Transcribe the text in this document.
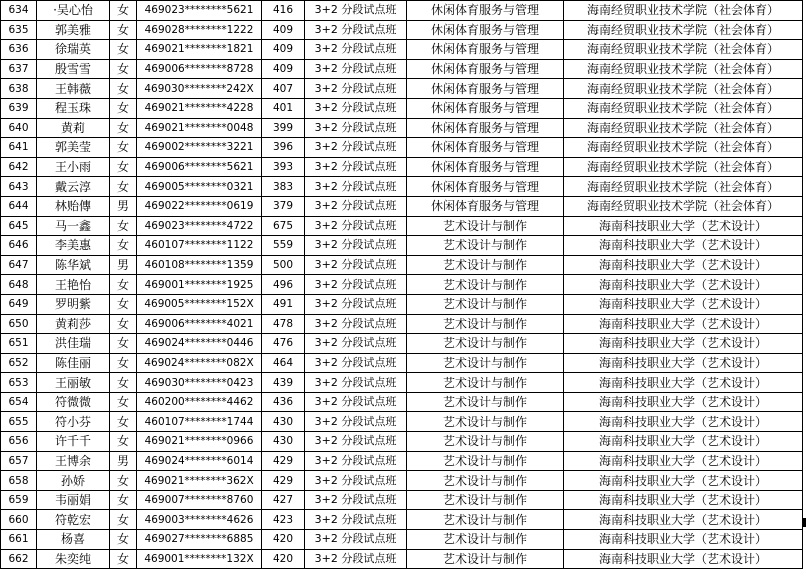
634	·吴心怡	女	469023********5621	416	3+2 分段试点班	休闲体育服务与管理	海南经贸职业技术学院（社会体育）
635	郭美雅	女	469028********1222	409	3+2 分段试点班	休闲体育服务与管理	海南经贸职业技术学院（社会体育）
636	徐瑞英	女	469021********1821	409	3+2 分段试点班	休闲体育服务与管理	海南经贸职业技术学院（社会体育）
637	殷雪雪	女	469006********8728	409	3+2 分段试点班	休闲体育服务与管理	海南经贸职业技术学院（社会体育）
638	王韩薇	女	469030********242X	407	3+2 分段试点班	休闲体育服务与管理	海南经贸职业技术学院（社会体育）
639	程玉珠	女	469021********4228	401	3+2 分段试点班	休闲体育服务与管理	海南经贸职业技术学院（社会体育）
640	黄莉	女	469021********0048	399	3+2 分段试点班	休闲体育服务与管理	海南经贸职业技术学院（社会体育）
641	郭美莹	女	469002********3221	396	3+2 分段试点班	休闲体育服务与管理	海南经贸职业技术学院（社会体育）
642	王小雨	女	469006********5621	393	3+2 分段试点班	休闲体育服务与管理	海南经贸职业技术学院（社会体育）
643	戴云淳	女	469005********0321	383	3+2 分段试点班	休闲体育服务与管理	海南经贸职业技术学院（社会体育）
644	林贻傳	男	469022********0619	379	3+2 分段试点班	休闲体育服务与管理	海南经贸职业技术学院（社会体育）
645	马一鑫	女	469023********4722	675	3+2 分段试点班	艺术设计与制作	海南科技职业大学（艺术设计）
646	李美惠	女	460107********1122	559	3+2 分段试点班	艺术设计与制作	海南科技职业大学（艺术设计）
647	陈华斌	男	460108********1359	500	3+2 分段试点班	艺术设计与制作	海南科技职业大学（艺术设计）
648	王艳怡	女	469001********1925	496	3+2 分段试点班	艺术设计与制作	海南科技职业大学（艺术设计）
649	罗明紫	女	469005********152X	491	3+2 分段试点班	艺术设计与制作	海南科技职业大学（艺术设计）
650	黄莉莎	女	469006********4021	478	3+2 分段试点班	艺术设计与制作	海南科技职业大学（艺术设计）
651	洪佳瑞	女	469024********0446	476	3+2 分段试点班	艺术设计与制作	海南科技职业大学（艺术设计）
652	陈佳丽	女	469024********082X	464	3+2 分段试点班	艺术设计与制作	海南科技职业大学（艺术设计）
653	王丽敏	女	469030********0423	439	3+2 分段试点班	艺术设计与制作	海南科技职业大学（艺术设计）
654	符微微	女	460200********4462	436	3+2 分段试点班	艺术设计与制作	海南科技职业大学（艺术设计）
655	符小芬	女	460107********1744	430	3+2 分段试点班	艺术设计与制作	海南科技职业大学（艺术设计）
656	许千千	女	469021********0966	430	3+2 分段试点班	艺术设计与制作	海南科技职业大学（艺术设计）
657	王博余	男	469024********6014	429	3+2 分段试点班	艺术设计与制作	海南科技职业大学（艺术设计）
658	孙娇	女	469021********362X	429	3+2 分段试点班	艺术设计与制作	海南科技职业大学（艺术设计）
659	韦丽娟	女	469007********8760	427	3+2 分段试点班	艺术设计与制作	海南科技职业大学（艺术设计）
660	符乾宏	女	469003********4626	423	3+2 分段试点班	艺术设计与制作	海南科技职业大学（艺术设计）
661	杨喜	女	469027********6885	420	3+2 分段试点班	艺术设计与制作	海南科技职业大学（艺术设计）
662	朱奕纯	女	469001********132X	420	3+2 分段试点班	艺术设计与制作	海南科技职业大学（艺术设计）
